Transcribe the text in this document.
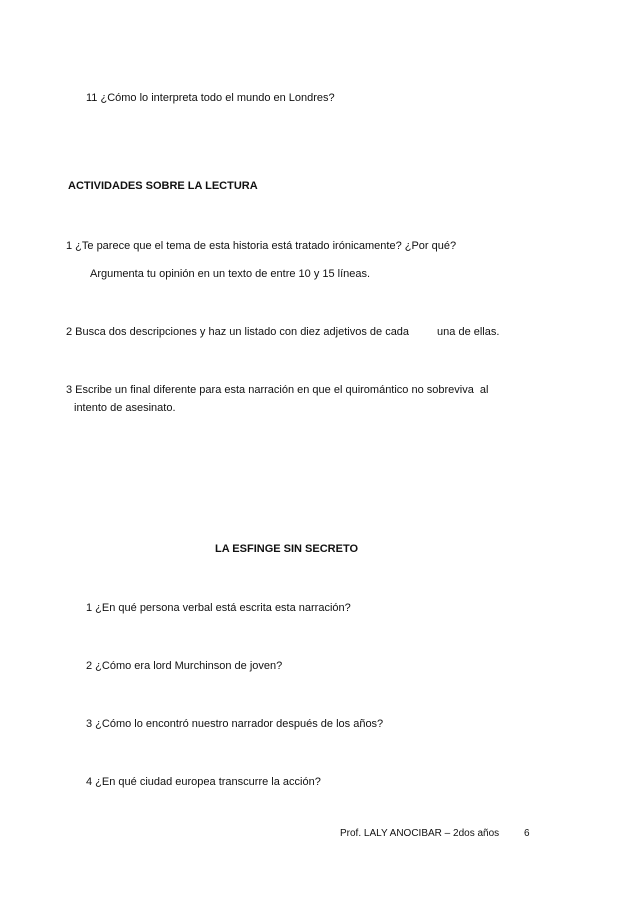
11 ¿Cómo lo interpreta todo el mundo en Londres?
ACTIVIDADES SOBRE LA LECTURA
1 ¿Te parece que el tema de esta historia está tratado irónicamente? ¿Por qué?
Argumenta tu opinión en un texto de entre 10 y 15 líneas.
2 Busca dos descripciones y haz un listado con diez adjetivos de cada	una de ellas.
3 Escribe un final diferente para esta narración en que el quiromántico no sobreviva al
intento de asesinato.
LA ESFINGE SIN SECRETO
1 ¿En qué persona verbal está escrita esta narración?
2 ¿Cómo era lord Murchinson de joven?
3 ¿Cómo lo encontró nuestro narrador después de los años?
4 ¿En qué ciudad europea transcurre la acción?
Prof. LALY ANOCIBAR – 2dos años 6
